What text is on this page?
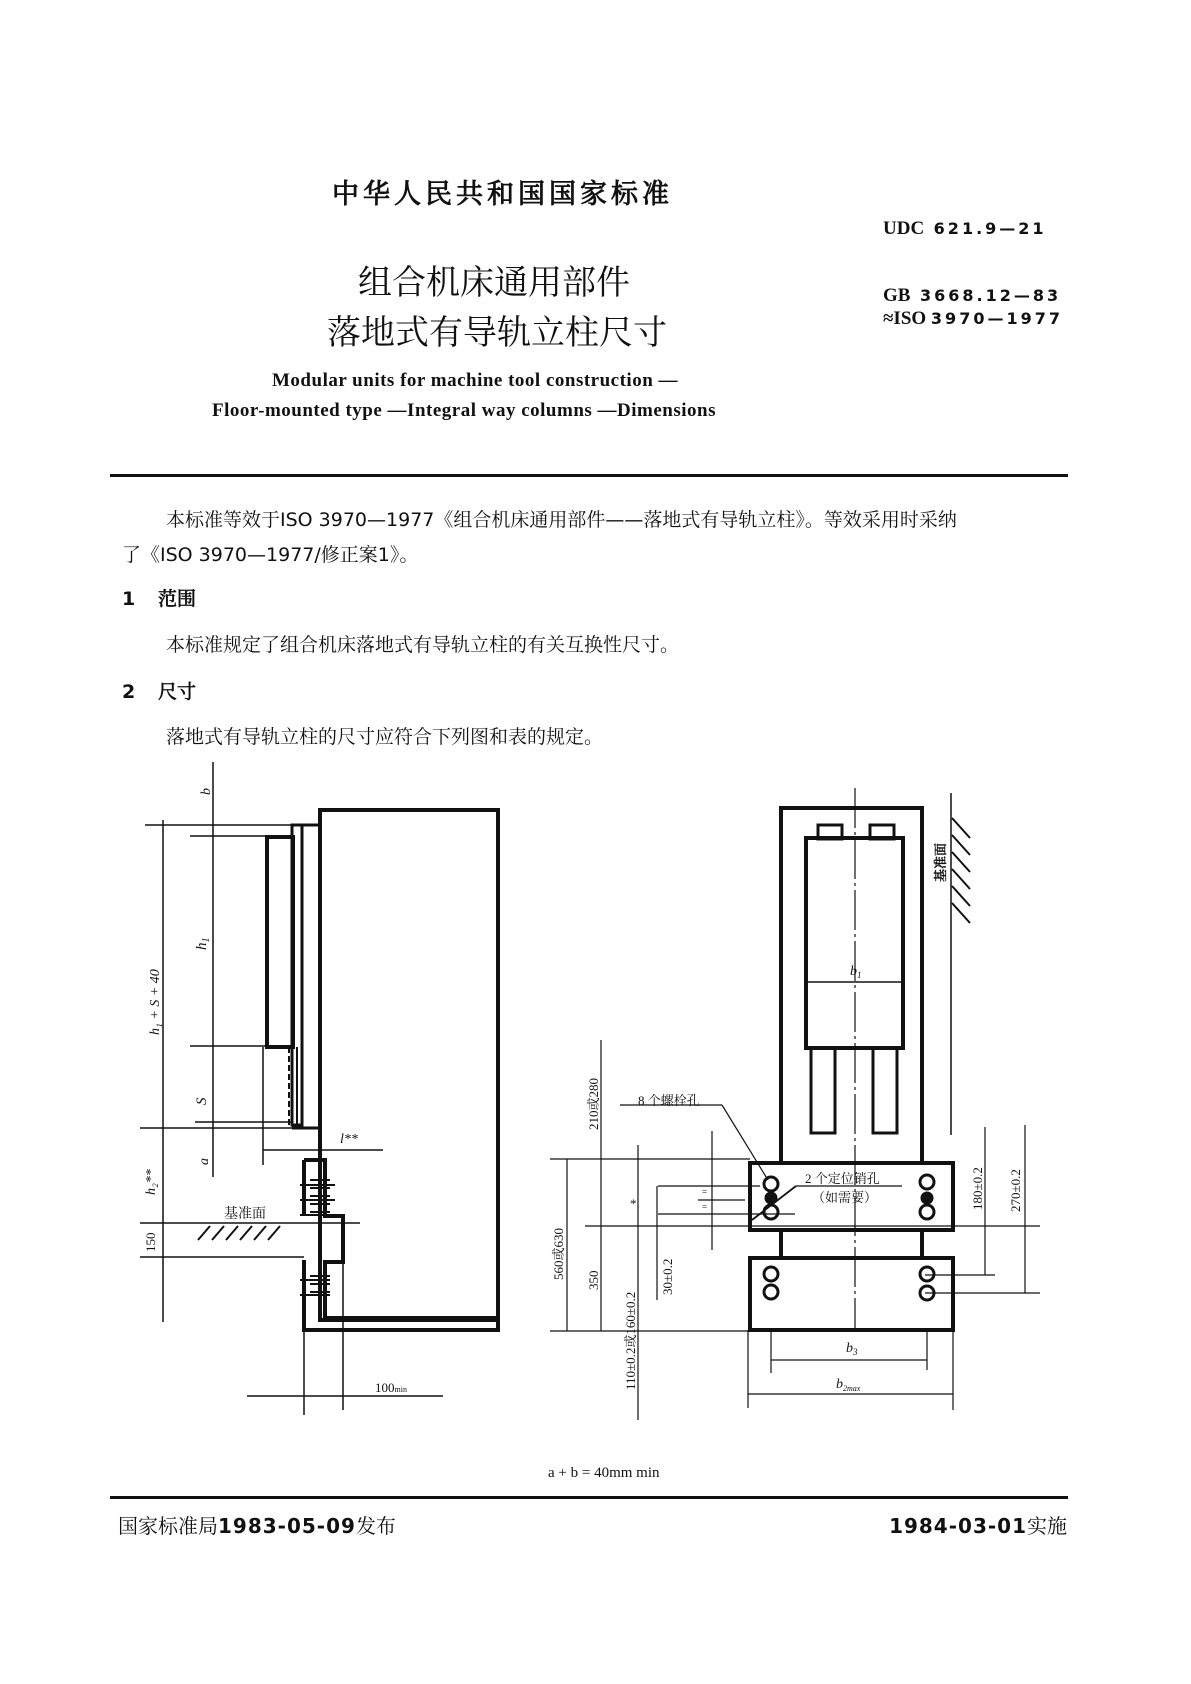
中华人民共和国国家标准
UDC 621.9—21
组合机床通用部件
落地式有导轨立柱尺寸
GB 3668.12—83
≈ISO 3970—1977
Modular units for machine tool construction —
Floor-mounted type —Integral way columns —Dimensions
本标准等效于ISO 3970—1977《组合机床通用部件——落地式有导轨立柱》。等效采用时采纳
了《ISO 3970—1977/修正案1》。
1 范围
本标准规定了组合机床落地式有导轨立柱的有关互换性尺寸。
2 尺寸
落地式有导轨立柱的尺寸应符合下列图和表的规定。
b
$h_1$
h₁ + S + 40
S
a
h₂**
150
l**
基准面
100min
$b_1$
基准面
8 个螺栓孔
2 个定位销孔
（如需要）
210或280
560或630
350
110±0.2或160±0.2
*
30±0.2
=
=	180±0.2 270±0.2
$b_3$
$b_{2max}$
a + b = 40mm min
国家标准局1983-05-09发布	1984-03-01实施
